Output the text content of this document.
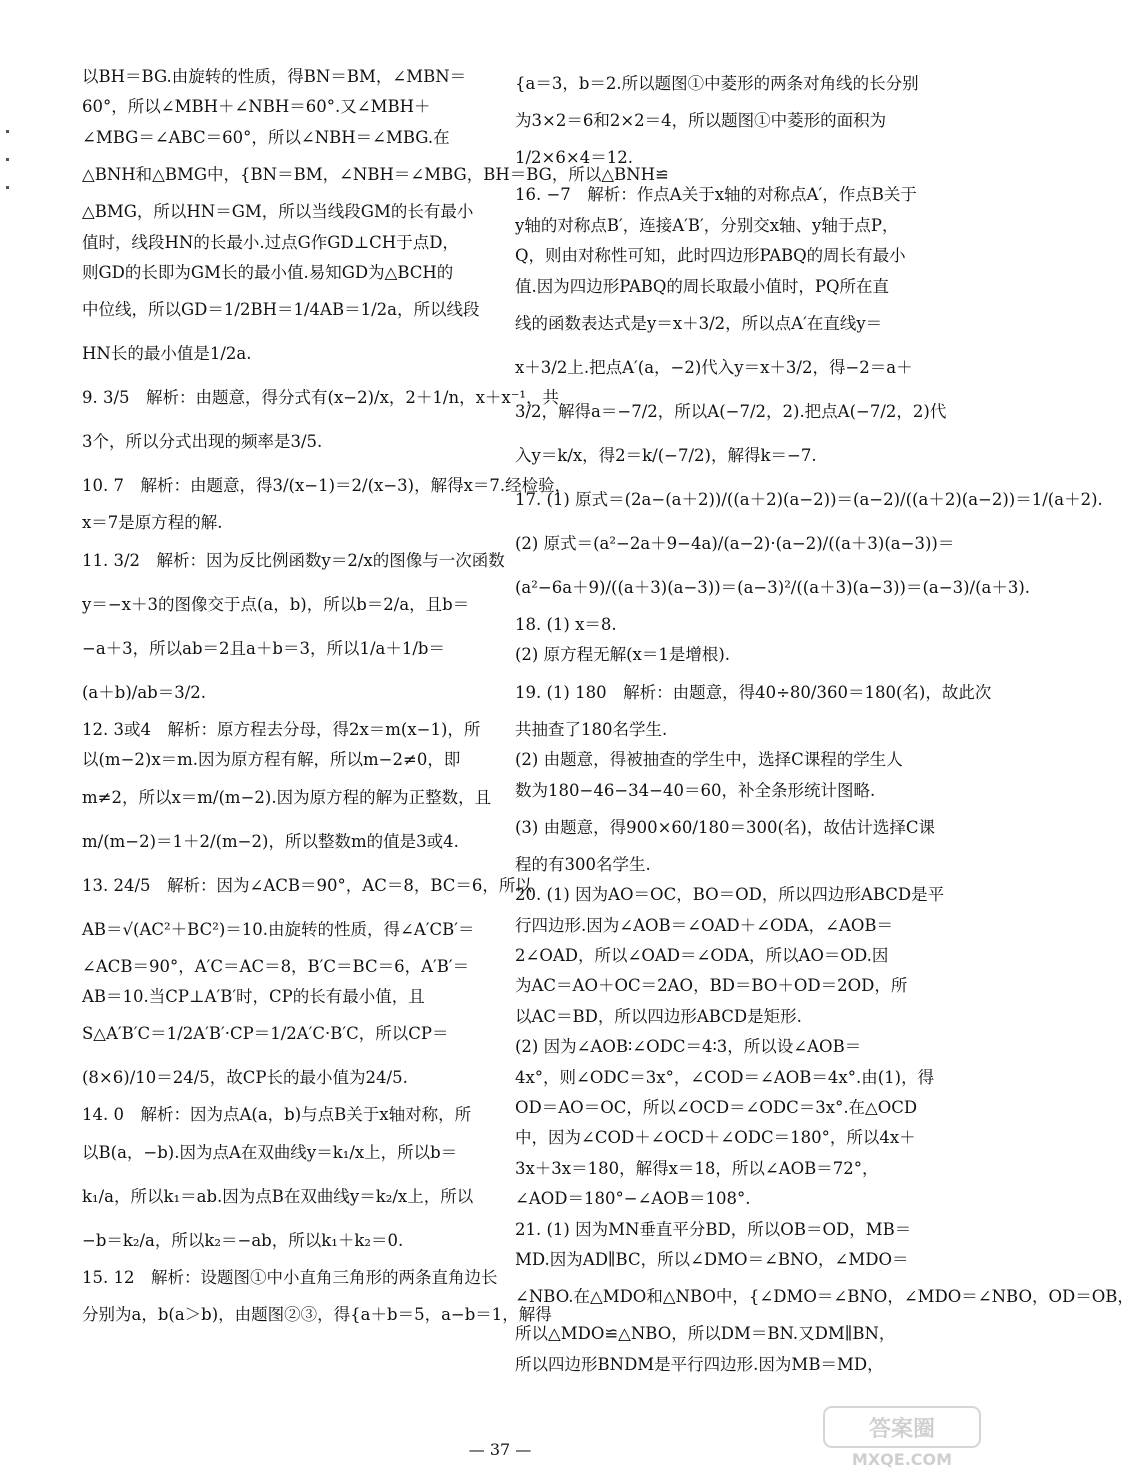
以BH＝BG.由旋转的性质，得BN＝BM，∠MBN＝
60°，所以∠MBH＋∠NBH＝60°.又∠MBH＋
∠MBG＝∠ABC＝60°，所以∠NBH＝∠MBG.在
△BNH和△BMG中，{BN＝BM，∠NBH＝∠MBG，BH＝BG，所以△BNH≌
△BMG，所以HN＝GM，所以当线段GM的长有最小
值时，线段HN的长最小.过点G作GD⊥CH于点D，
则GD的长即为GM长的最小值.易知GD为△BCH的
中位线，所以GD＝1/2BH＝1/4AB＝1/2a，所以线段
HN长的最小值是1/2a.
9. 3/5　解析：由题意，得分式有(x−2)/x，2＋1/n，x＋x⁻¹，共
3个，所以分式出现的频率是3/5.
10. 7　解析：由题意，得3/(x−1)＝2/(x−3)，解得x＝7.经检验，
x＝7是原方程的解.
11. 3/2　解析：因为反比例函数y＝2/x的图像与一次函数
y＝−x＋3的图像交于点(a，b)，所以b＝2/a，且b＝
−a＋3，所以ab＝2且a＋b＝3，所以1/a＋1/b＝
(a＋b)/ab＝3/2.
12. 3或4　解析：原方程去分母，得2x＝m(x−1)，所
以(m−2)x＝m.因为原方程有解，所以m−2≠0，即
m≠2，所以x＝m/(m−2).因为原方程的解为正整数，且
m/(m−2)＝1＋2/(m−2)，所以整数m的值是3或4.
13. 24/5　解析：因为∠ACB＝90°，AC＝8，BC＝6，所以
AB＝√(AC²＋BC²)＝10.由旋转的性质，得∠A′CB′＝
∠ACB＝90°，A′C＝AC＝8，B′C＝BC＝6，A′B′＝
AB＝10.当CP⊥A′B′时，CP的长有最小值，且
S△A′B′C＝1/2A′B′·CP＝1/2A′C·B′C，所以CP＝
(8×6)/10＝24/5，故CP长的最小值为24/5.
14. 0　解析：因为点A(a，b)与点B关于x轴对称，所
以B(a，−b).因为点A在双曲线y＝k₁/x上，所以b＝
k₁/a，所以k₁＝ab.因为点B在双曲线y＝k₂/x上，所以
−b＝k₂/a，所以k₂＝−ab，所以k₁＋k₂＝0.
15. 12　解析：设题图①中小直角三角形的两条直角边长
分别为a，b(a＞b)，由题图②③，得{a＋b＝5，a−b＝1，解得
{a＝3，b＝2.所以题图①中菱形的两条对角线的长分别
为3×2＝6和2×2＝4，所以题图①中菱形的面积为
1/2×6×4＝12.
16. −7　解析：作点A关于x轴的对称点A′，作点B关于
y轴的对称点B′，连接A′B′，分别交x轴、y轴于点P，
Q，则由对称性可知，此时四边形PABQ的周长有最小
值.因为四边形PABQ的周长取最小值时，PQ所在直
线的函数表达式是y＝x＋3/2，所以点A′在直线y＝
x＋3/2上.把点A′(a，−2)代入y＝x＋3/2，得−2＝a＋
3/2，解得a＝−7/2，所以A(−7/2，2).把点A(−7/2，2)代
入y＝k/x，得2＝k/(−7/2)，解得k＝−7.
17. (1) 原式＝(2a−(a＋2))/((a＋2)(a−2))＝(a−2)/((a＋2)(a−2))＝1/(a＋2).
(2) 原式＝(a²−2a＋9−4a)/(a−2)·(a−2)/((a＋3)(a−3))＝
(a²−6a＋9)/((a＋3)(a−3))＝(a−3)²/((a＋3)(a−3))＝(a−3)/(a＋3).
18. (1) x＝8.
(2) 原方程无解(x＝1是增根).
19. (1) 180　解析：由题意，得40÷80/360＝180(名)，故此次
共抽查了180名学生.
(2) 由题意，得被抽查的学生中，选择C课程的学生人
数为180−46−34−40＝60，补全条形统计图略.
(3) 由题意，得900×60/180＝300(名)，故估计选择C课
程的有300名学生.
20. (1) 因为AO＝OC，BO＝OD，所以四边形ABCD是平
行四边形.因为∠AOB＝∠OAD＋∠ODA，∠AOB＝
2∠OAD，所以∠OAD＝∠ODA，所以AO＝OD.因
为AC＝AO＋OC＝2AO，BD＝BO＋OD＝2OD，所
以AC＝BD，所以四边形ABCD是矩形.
(2) 因为∠AOB∶∠ODC＝4∶3，所以设∠AOB＝
4x°，则∠ODC＝3x°，∠COD＝∠AOB＝4x°.由(1)，得
OD＝AO＝OC，所以∠OCD＝∠ODC＝3x°.在△OCD
中，因为∠COD＋∠OCD＋∠ODC＝180°，所以4x＋
3x＋3x＝180，解得x＝18，所以∠AOB＝72°，
∠AOD＝180°−∠AOB＝108°.
21. (1) 因为MN垂直平分BD，所以OB＝OD，MB＝
MD.因为AD∥BC，所以∠DMO＝∠BNO，∠MDO＝
∠NBO.在△MDO和△NBO中，{∠DMO＝∠BNO，∠MDO＝∠NBO，OD＝OB，
所以△MDO≌△NBO，所以DM＝BN.又DM∥BN，
所以四边形BNDM是平行四边形.因为MB＝MD，
— 37 —
答案圈
MXQE.COM
